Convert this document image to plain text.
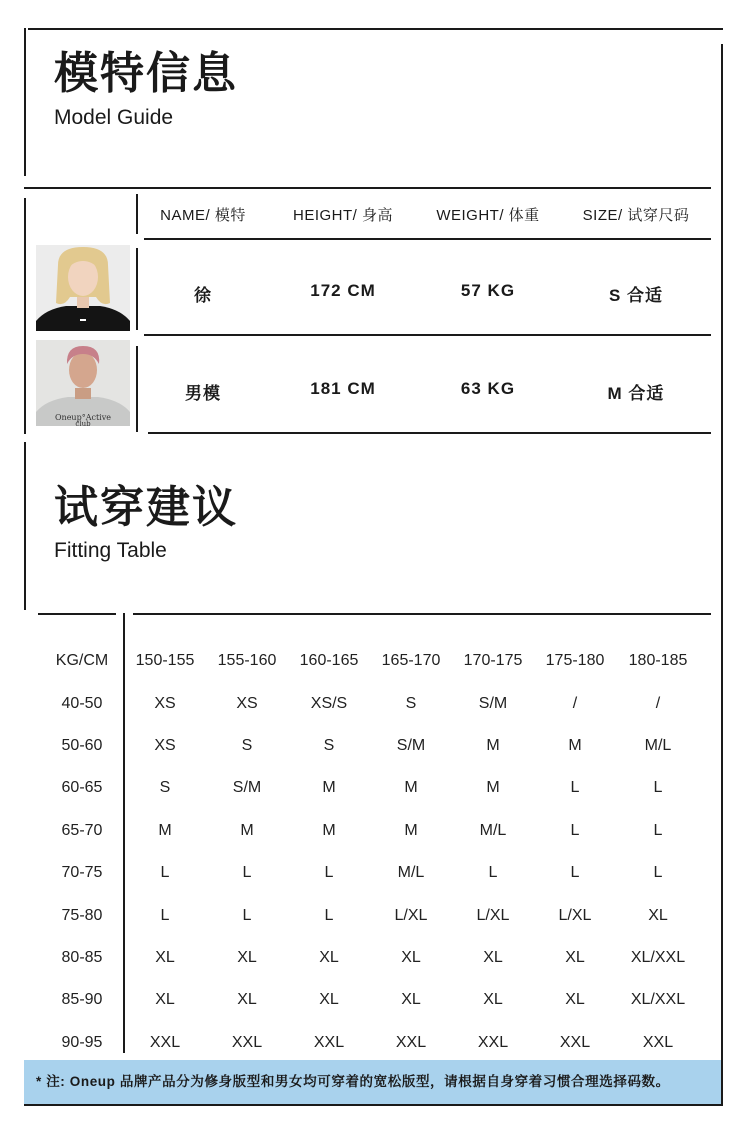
模特信息
Model Guide
NAME/ 模特	HEIGHT/ 身高	WEIGHT/ 体重	SIZE/ 试穿尺码
Oneup°Active
club
徐	172 CM	57 KG	S 合适
男模	181 CM	63 KG	M 合适
试穿建议
Fitting Table
KG/CM	150-155	155-160	160-165	165-170	170-175	175-180	180-185
40-50	XS	XS	XS/S	S	S/M	/	/
50-60	XS	S	S	S/M	M	M	M/L
60-65	S	S/M	M	M	M	L	L
65-70	M	M	M	M	M/L	L	L
70-75	L	L	L	M/L	L	L	L
75-80	L	L	L	L/XL	L/XL	L/XL	XL
80-85	XL	XL	XL	XL	XL	XL	XL/XXL
85-90	XL	XL	XL	XL	XL	XL	XL/XXL
90-95	XXL	XXL	XXL	XXL	XXL	XXL	XXL
* 注: Oneup 品牌产品分为修身版型和男女均可穿着的宽松版型，请根据自身穿着习惯合理选择码数。
